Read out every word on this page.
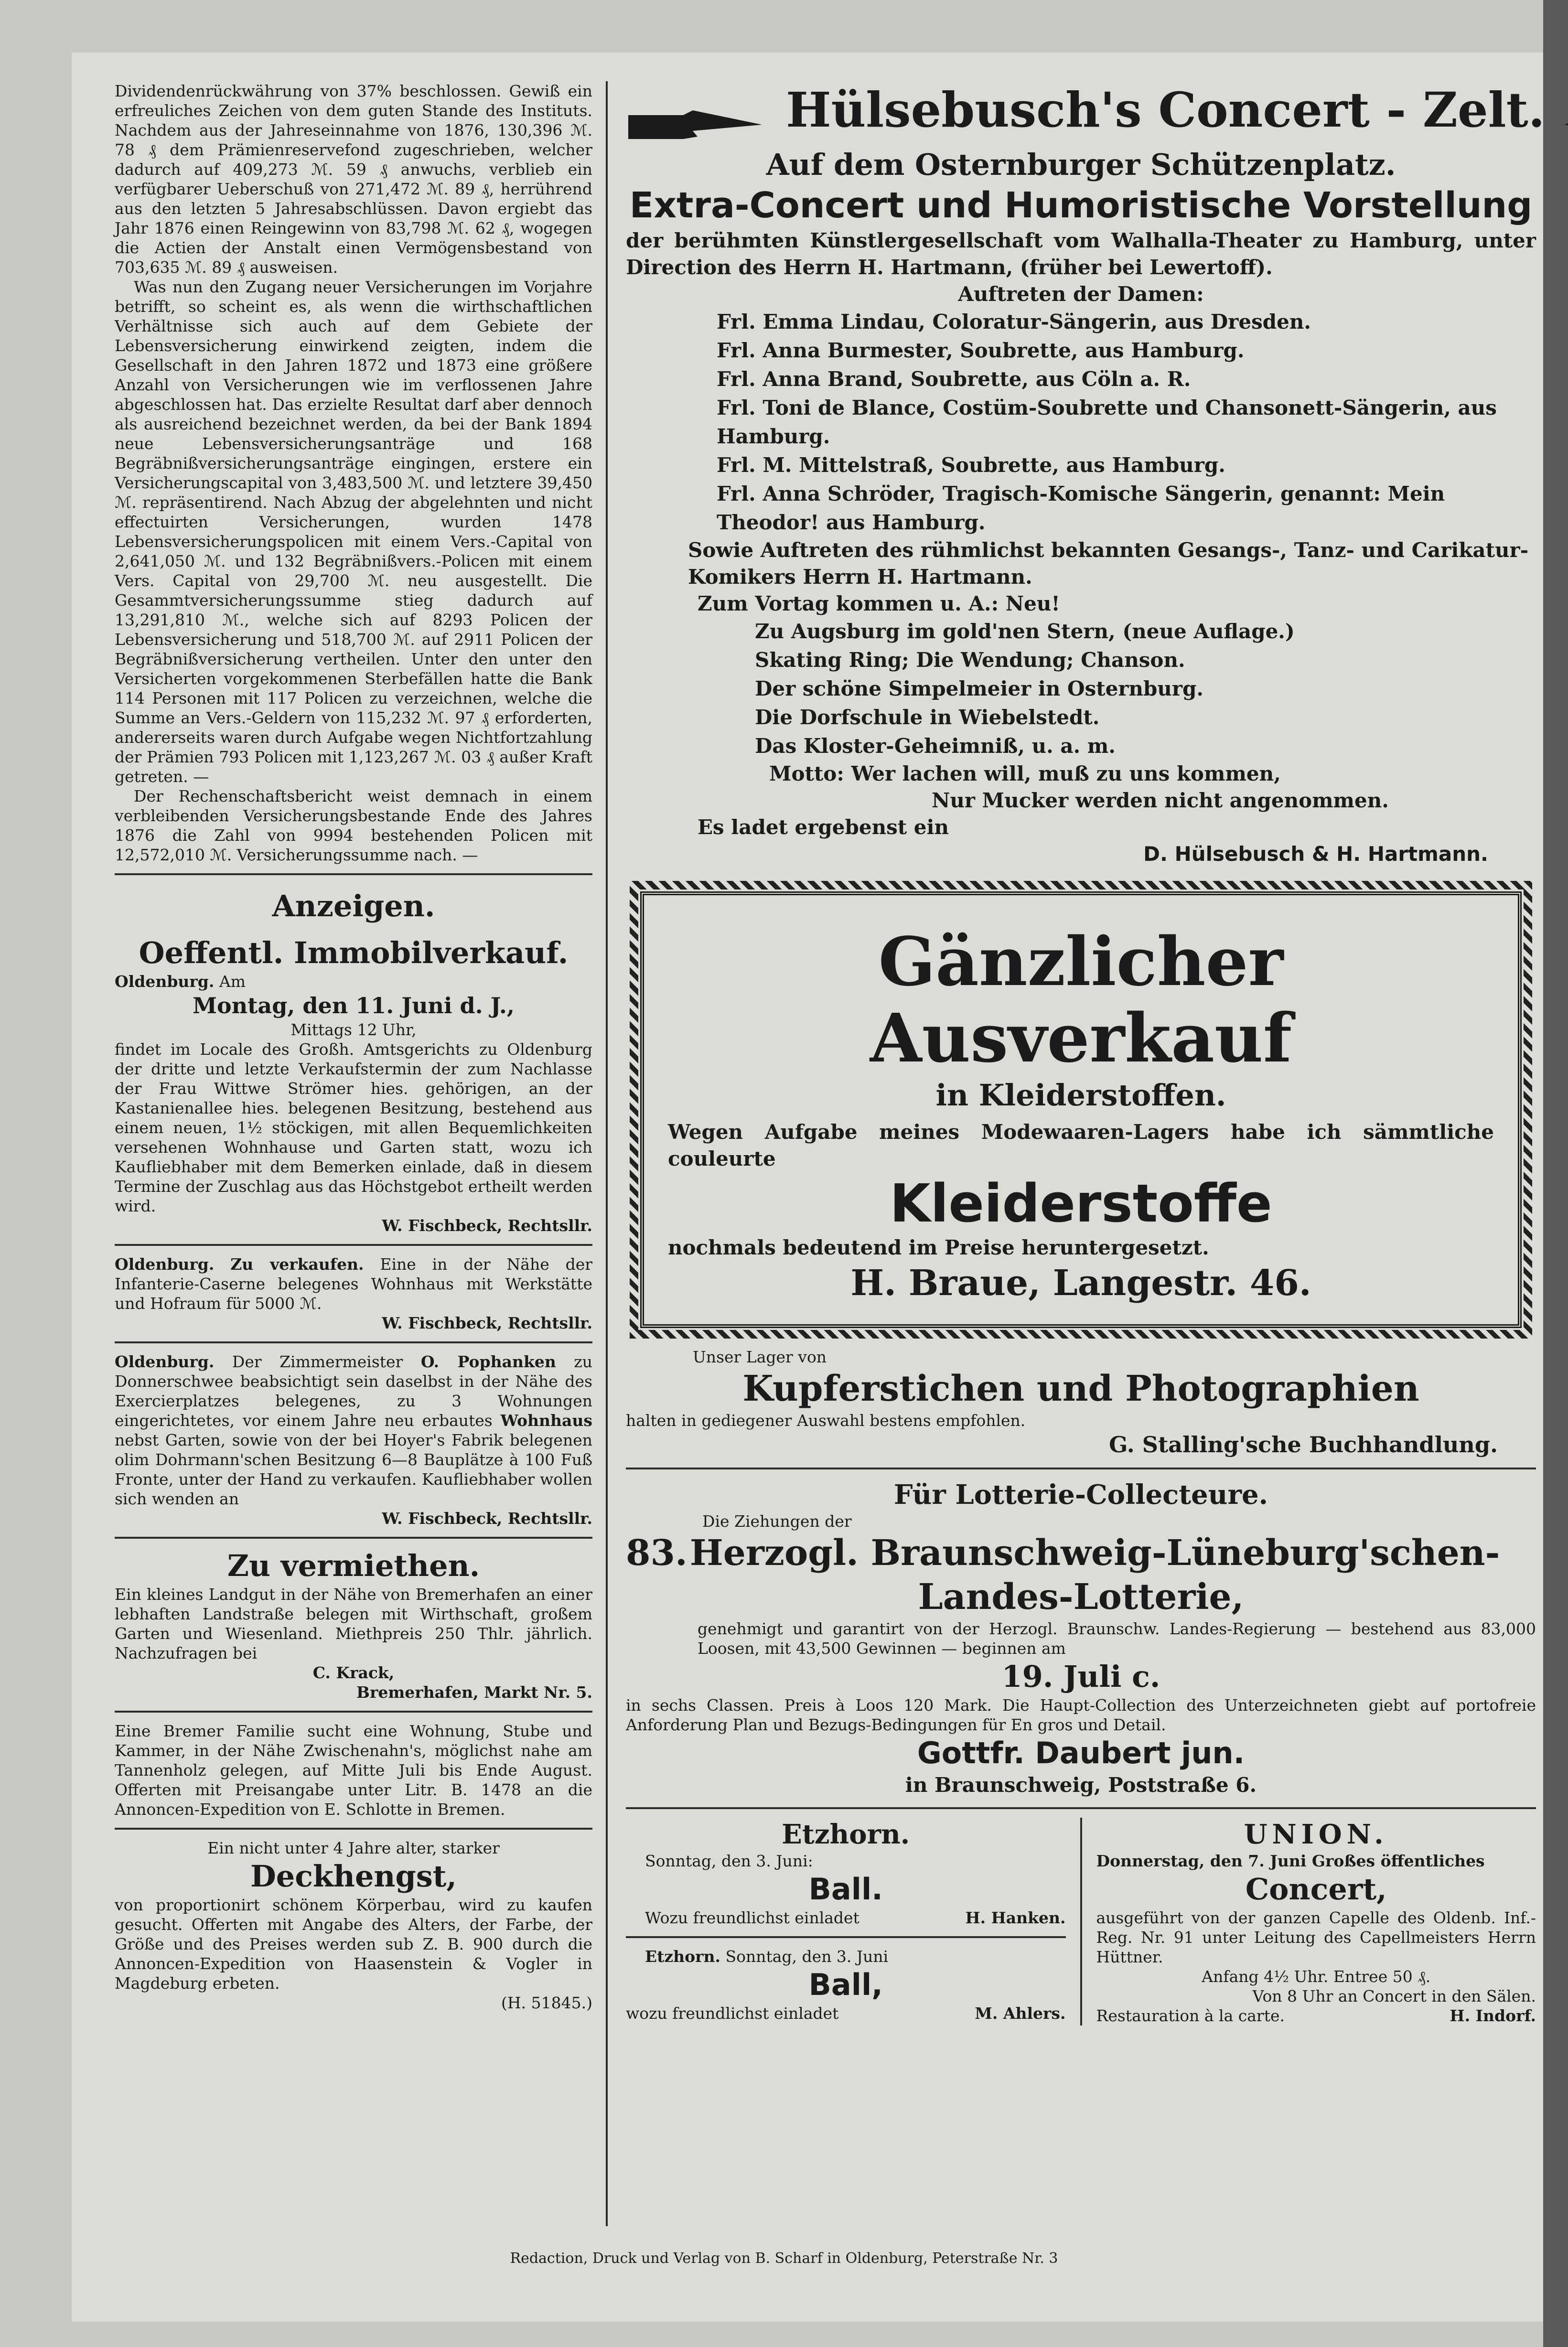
Dividendenrückwährung von 37% beschlossen. Gewiß ein erfreuliches Zeichen von dem guten Stande des Instituts. Nachdem aus der Jahreseinnahme von 1876, 130,396 ℳ. 78 ₰ dem Prämienreservefond zugeschrieben, welcher dadurch auf 409,273 ℳ. 59 ₰ anwuchs, verblieb ein verfügbarer Ueberschuß von 271,472 ℳ. 89 ₰, herrührend aus den letzten 5 Jahresabschlüssen. Davon ergiebt das Jahr 1876 einen Reingewinn von 83,798 ℳ. 62 ₰, wogegen die Actien der Anstalt einen Vermögensbestand von 703,635 ℳ. 89 ₰ ausweisen.

Was nun den Zugang neuer Versicherungen im Vorjahre betrifft, so scheint es, als wenn die wirthschaftlichen Verhältnisse sich auch auf dem Gebiete der Lebensversicherung einwirkend zeigten, indem die Gesellschaft in den Jahren 1872 und 1873 eine größere Anzahl von Versicherungen wie im verflossenen Jahre abgeschlossen hat. Das erzielte Resultat darf aber dennoch als ausreichend bezeichnet werden, da bei der Bank 1894 neue Lebensversicherungsanträge und 168 Begräbnißversicherungsanträge eingingen, erstere ein Versicherungscapital von 3,483,500 ℳ. und letztere 39,450 ℳ. repräsentirend. Nach Abzug der abgelehnten und nicht effectuirten Versicherungen, wurden 1478 Lebensversicherungspolicen mit einem Vers.-Capital von 2,641,050 ℳ. und 132 Begräbnißvers.-Policen mit einem Vers. Capital von 29,700 ℳ. neu ausgestellt. Die Gesammtversicherungssumme stieg dadurch auf 13,291,810 ℳ., welche sich auf 8293 Policen der Lebensversicherung und 518,700 ℳ. auf 2911 Policen der Begräbnißversicherung vertheilen. Unter den unter den Versicherten vorgekommenen Sterbefällen hatte die Bank 114 Personen mit 117 Policen zu verzeichnen, welche die Summe an Vers.-Geldern von 115,232 ℳ. 97 ₰ erforderten, andererseits waren durch Aufgabe wegen Nichtfortzahlung der Prämien 793 Policen mit 1,123,267 ℳ. 03 ₰ außer Kraft getreten. —

Der Rechenschaftsbericht weist demnach in einem verbleibenden Versicherungsbestande Ende des Jahres 1876 die Zahl von 9994 bestehenden Policen mit 12,572,010 ℳ. Versicherungssumme nach. —

Anzeigen.
Oeffentl. Immobilverkauf.
Oldenburg. Am
Montag, den 11. Juni d. J.,
Mittags 12 Uhr,

findet im Locale des Großh. Amtsgerichts zu Oldenburg der dritte und letzte Verkaufstermin der zum Nachlasse der Frau Wittwe Strömer hies. gehörigen, an der Kastanienallee hies. belegenen Besitzung, bestehend aus einem neuen, 1½ stöckigen, mit allen Bequemlichkeiten versehenen Wohnhause und Garten statt, wozu ich Kaufliebhaber mit dem Bemerken einlade, daß in diesem Termine der Zuschlag aus das Höchstgebot ertheilt werden wird.

W. Fischbeck, Rechtsllr.

Oldenburg. Zu verkaufen. Eine in der Nähe der Infanterie-Caserne belegenes Wohnhaus mit Werkstätte und Hofraum für 5000 ℳ.

W. Fischbeck, Rechtsllr.

Oldenburg. Der Zimmermeister O. Pophanken zu Donnerschwee beabsichtigt sein daselbst in der Nähe des Exercierplatzes belegenes, zu 3 Wohnungen eingerichtetes, vor einem Jahre neu erbautes Wohnhaus nebst Garten, sowie von der bei Hoyer's Fabrik belegenen olim Dohrmann'schen Besitzung 6—8 Bauplätze à 100 Fuß Fronte, unter der Hand zu verkaufen. Kaufliebhaber wollen sich wenden an

W. Fischbeck, Rechtsllr.
Zu vermiethen.

Ein kleines Landgut in der Nähe von Bremerhafen an einer lebhaften Landstraße belegen mit Wirthschaft, großem Garten und Wiesenland. Miethpreis 250 Thlr. jährlich. Nachzufragen bei

C. Krack,
Bremerhafen, Markt Nr. 5.

Eine Bremer Familie sucht eine Wohnung, Stube und Kammer, in der Nähe Zwischenahn's, möglichst nahe am Tannenholz gelegen, auf Mitte Juli bis Ende August. Offerten mit Preisangabe unter Litr. B. 1478 an die Annoncen-Expedition von E. Schlotte in Bremen.

Ein nicht unter 4 Jahre alter, starker
Deckhengst,

von proportionirt schönem Körperbau, wird zu kaufen gesucht. Offerten mit Angabe des Alters, der Farbe, der Größe und des Preises werden sub Z. B. 900 durch die Annoncen-Expedition von Haasenstein & Vogler in Magdeburg erbeten.

(H. 51845.)
Hülsebusch's Concert - Zelt.
Auf dem Osternburger Schützenplatz.
Extra-Concert und Humoristische Vorstellung

der berühmten Künstlergesellschaft vom Walhalla-Theater zu Hamburg, unter Direction des Herrn H. Hartmann, (früher bei Lewertoff).

Auftreten der Damen:

Frl. Emma Lindau, Coloratur-Sängerin, aus Dresden.

Frl. Anna Burmester, Soubrette, aus Hamburg.

Frl. Anna Brand, Soubrette, aus Cöln a. R.

Frl. Toni de Blance, Costüm-Soubrette und Chansonett-Sängerin, aus Hamburg.

Frl. M. Mittelstraß, Soubrette, aus Hamburg.

Frl. Anna Schröder, Tragisch-Komische Sängerin, genannt: Mein Theodor! aus Hamburg.

Sowie Auftreten des rühmlichst bekannten Gesangs-, Tanz- und Carikatur-Komikers Herrn H. Hartmann.

Zum Vortag kommen u. A.: Neu!

Zu Augsburg im gold'nen Stern, (neue Auflage.)

Skating Ring; Die Wendung; Chanson.

Der schöne Simpelmeier in Osternburg.

Die Dorfschule in Wiebelstedt.

Das Kloster-Geheimniß, u. a. m.

Motto: Wer lachen will, muß zu uns kommen,
Nur Mucker werden nicht angenommen.
Es ladet ergebenst ein
D. Hülsebusch & H. Hartmann.
Gänzlicher Ausverkauf
in Kleiderstoffen.

Wegen Aufgabe meines Modewaaren-Lagers habe ich sämmtliche couleurte

Kleiderstoffe
nochmals bedeutend im Preise heruntergesetzt.
H. Braue, Langestr. 46.
Unser Lager von
Kupferstichen und Photographien
halten in gediegener Auswahl bestens empfohlen.
G. Stalling'sche Buchhandlung.
Für Lotterie-Collecteure.
Die Ziehungen der
83. Herzogl. Braunschweig-Lüneburg'schen-
Landes-Lotterie,

genehmigt und garantirt von der Herzogl. Braunschw. Landes-Regierung — bestehend aus 83,000 Loosen, mit 43,500 Gewinnen — beginnen am

19. Juli c.

in sechs Classen. Preis à Loos 120 Mark. Die Haupt-Collection des Unterzeichneten giebt auf portofreie Anforderung Plan und Bezugs-Bedingungen für En gros und Detail.

Gottfr. Daubert jun.
in Braunschweig, Poststraße 6.
Etzhorn.
Sonntag, den 3. Juni:
Ball.
Wozu freundlichst einladet	H. Hanken.
Etzhorn. Sonntag, den 3. Juni
Ball,
wozu freundlichst einladet	M. Ahlers.
UNION.
Donnerstag, den 7. Juni Großes öffentliches
Concert,

ausgeführt von der ganzen Capelle des Oldenb. Inf.-Reg. Nr. 91 unter Leitung des Capellmeisters Herrn Hüttner.

Anfang 4½ Uhr. Entree 50 ₰.
Von 8 Uhr an Concert in den Sälen.
Restauration à la carte.	H. Indorf.
Redaction, Druck und Verlag von B. Scharf in Oldenburg, Peterstraße Nr. 3
